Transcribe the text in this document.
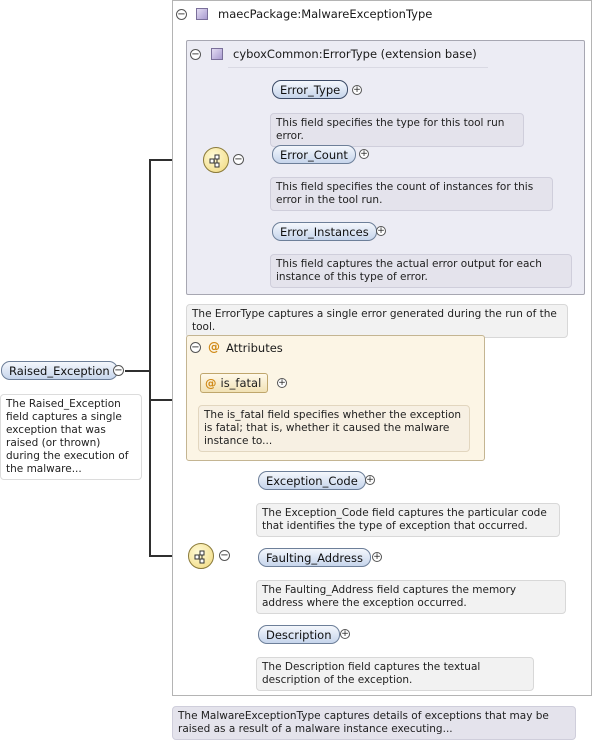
−	maecPackage:MalwareExceptionType
−	cyboxCommon:ErrorType (extension base)
−
Error_Type	+
This field specifies the type for this tool run error.
Error_Count	+
This field specifies the count of instances for this error in the tool run.
Error_Instances +
This field captures the actual error output for each instance of this type of error.
The ErrorType captures a single error generated during the run of the tool.
− @ Attributes
@ is_fatal	+
The is_fatal field specifies whether the exception is fatal; that is, whether it caused the malware instance to...
−
Exception_Code +
The Exception_Code field captures the particular code that identifies the type of exception that occurred.
Faulting_Address	+
The Faulting_Address field captures the memory address where the exception occurred.
Description	+
The Description field captures the textual description of the exception.
The MalwareExceptionType captures details of exceptions that may be raised as a result of a malware instance executing...
Raised_Exception −
The Raised_Exception field captures a single exception that was raised (or thrown) during the execution of the malware...
